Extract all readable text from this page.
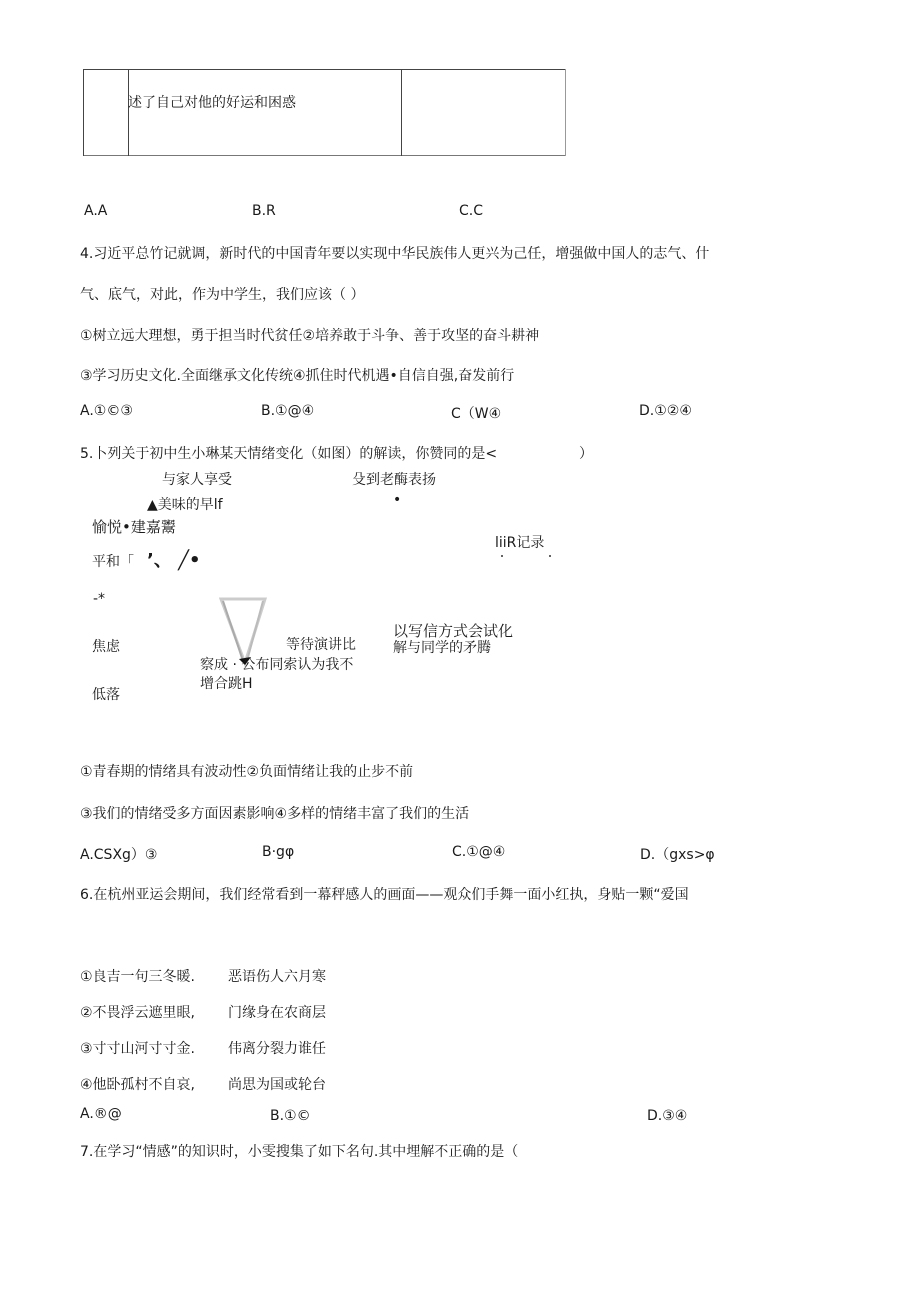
述了自己对他的好运和困惑
A.A	B.R	C.C
4.习近平总竹记就调，新时代的中国青年要以实现中华民族伟人更兴为己任，增强做中国人的志气、什
气、底气，对此，作为中学生，我们应该（ ）
①树立远大理想，勇于担当时代贫任②培养敢于斗争、善于攻坚的奋斗耕神
③学习历史文化.全面继承文化传统④抓住时代机遇•自信自强,奋发前行
A.①©③	B.①@④	C（W④	D.①②④
5.卜列关于初中生小琳某天情绪变化（如图）的解读，你赞同的是<	）
与家人享受
▲美味的早lf
殳到老酶表扬
•
愉悦•建嘉鬻
平和「 ’、 ╱•
liiR记录
-*
焦虑	等待演讲比
以写信方式会试化
解与同学的矛腾
察成 · 公布同索认为我不
增合跳H
低落
①青春期的情绪具有波动性②负面情绪让我的止步不前
③我们的情绪受多方面因素影响④多样的情绪丰富了我们的生活
A.CSXg）③	B·gφ	C.①@④	D.（gxs>φ
6.在杭州亚运会期间，我们经常看到一幕秤感人的画面——观众们手舞一面小红执，身贴一颗“爱国
①良吉一句三冬暖. 恶语伤人六月寒
②不畏浮云遮里眼, 门缘身在农商层
③寸寸山河寸寸金. 伟离分裂力谁任
④他卧孤村不自哀, 尚思为国或轮台
A.®@	B.①©	D.③④
7.在学习“情感”的知识时，小雯搜集了如下名句.其中埋解不正确的是（
